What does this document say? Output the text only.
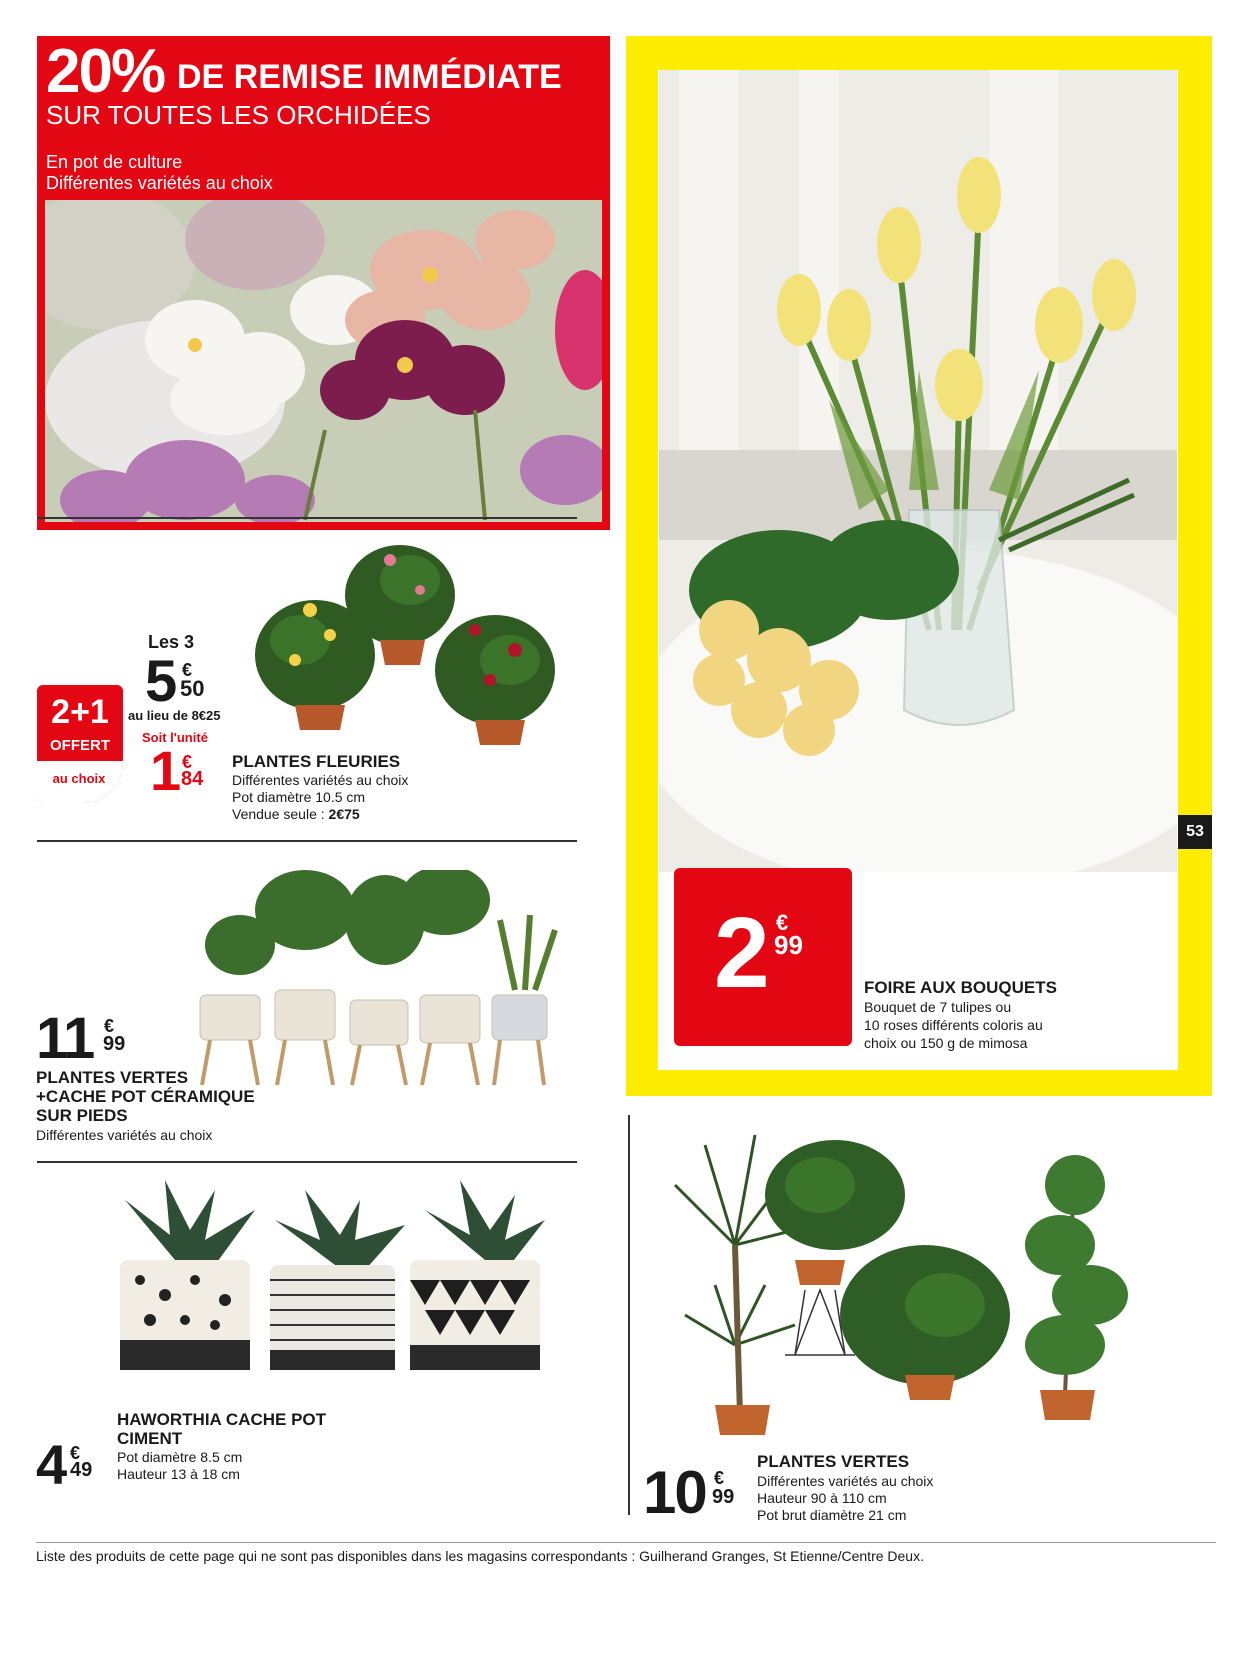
20% DE REMISE IMMÉDIATE
SUR TOUTES LES ORCHIDÉES
En pot de culture
Différentes variétés au choix
2+1
OFFERT
au choix
Les 3
5 €
50
au lieu de 8€25
Soit l'unité
1 €
84
PLANTES FLEURIES
Différentes variétés au choix
Pot diamètre 10.5 cm
Vendue seule : 2€75
11 €
99
PLANTES VERTES
+CACHE POT CÉRAMIQUE
SUR PIEDS
Différentes variétés au choix
4 €
49
HAWORTHIA CACHE POT
CIMENT
Pot diamètre 8.5 cm
Hauteur 13 à 18 cm
53
2 €
99
FOIRE AUX BOUQUETS
Bouquet de 7 tulipes ou
10 roses différents coloris au
choix ou 150 g de mimosa
10 €
99
PLANTES VERTES
Différentes variétés au choix
Hauteur 90 à 110 cm
Pot brut diamètre 21 cm
Liste des produits de cette page qui ne sont pas disponibles dans les magasins correspondants : Guilherand Granges, St Etienne/Centre Deux.
